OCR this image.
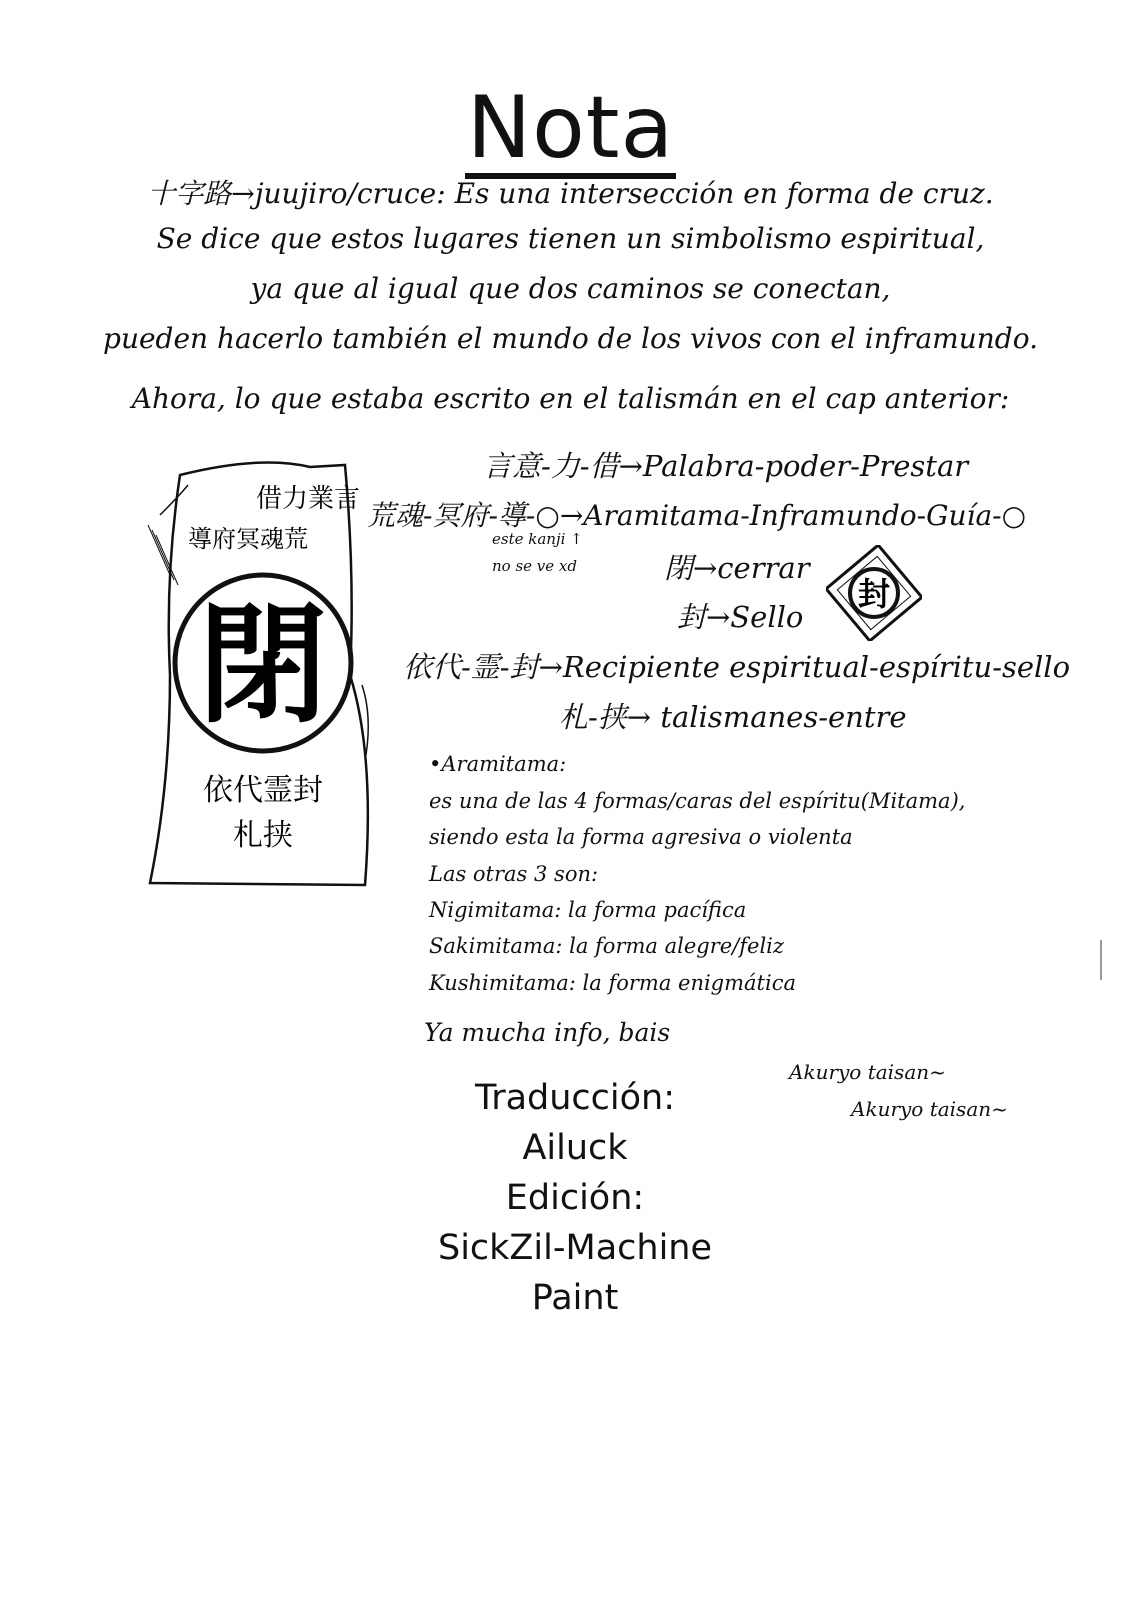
Nota
十字路→juujiro/cruce: Es una intersección en forma de cruz.
Se dice que estos lugares tienen un simbolismo espiritual,
ya que al igual que dos caminos se conectan,
pueden hacerlo también el mundo de los vivos con el inframundo.
Ahora, lo que estaba escrito en el talismán en el cap anterior:
借力業言
導府冥魂荒
閉
依代霊封
札挟
言意-力-借→Palabra-poder-Prestar
荒魂-冥府-導-○→Aramitama-Inframundo-Guía-○
este kanji ↑
no se ve xd	閉→cerrar
封→Sello
封
依代-霊-封→Recipiente espiritual-espíritu-sello
札-挟→ talismanes-entre
•Aramitama:
es una de las 4 formas/caras del espíritu(Mitama),
siendo esta la forma agresiva o violenta
Las otras 3 son:
Nigimitama: la forma pacífica
Sakimitama: la forma alegre/feliz
Kushimitama: la forma enigmática
Ya mucha info, bais
Akuryo taisan~
Akuryo taisan~
Traducción:
Ailuck
Edición:
SickZil-Machine
Paint
